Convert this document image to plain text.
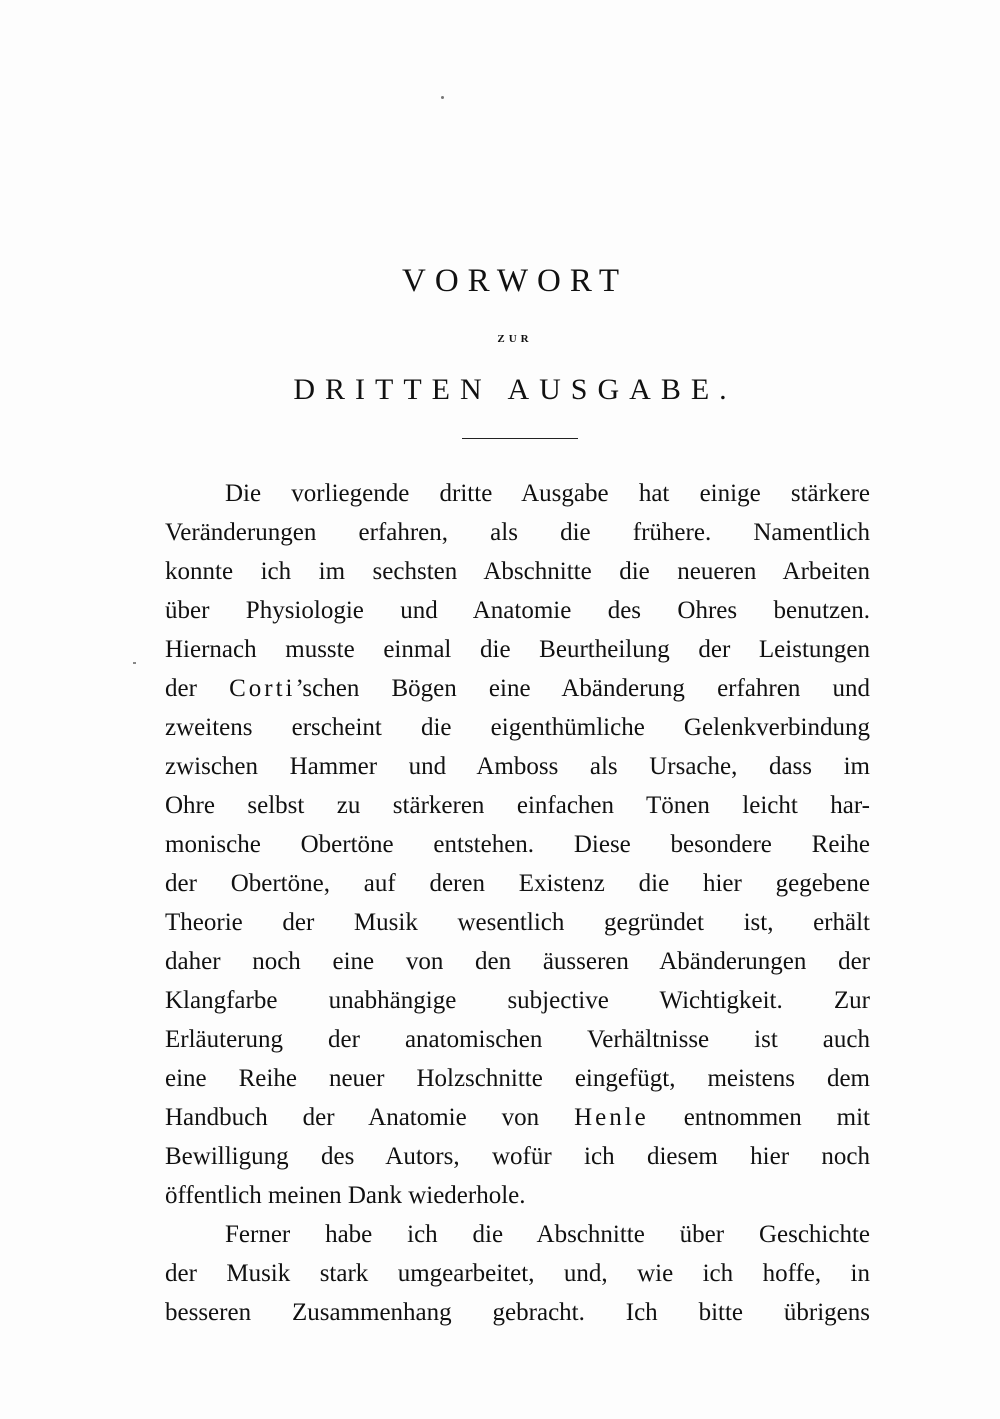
VORWORT
ZUR
DRITTEN AUSGABE.
Die vorliegende dritte Ausgabe hat einige stärkere
Veränderungen erfahren, als die frühere. Namentlich
konnte ich im sechsten Abschnitte die neueren Arbeiten
über Physiologie und Anatomie des Ohres benutzen.
Hiernach musste einmal die Beurtheilung der Leistungen
der Corti’schen Bögen eine Abänderung erfahren und
zweitens erscheint die eigenthümliche Gelenkverbindung
zwischen Hammer und Amboss als Ursache, dass im
Ohre selbst zu stärkeren einfachen Tönen leicht har-
monische Obertöne entstehen. Diese besondere Reihe
der Obertöne, auf deren Existenz die hier gegebene
Theorie der Musik wesentlich gegründet ist, erhält
daher noch eine von den äusseren Abänderungen der
Klangfarbe unabhängige subjective Wichtigkeit. Zur
Erläuterung der anatomischen Verhältnisse ist auch
eine Reihe neuer Holzschnitte eingefügt, meistens dem
Handbuch der Anatomie von Henle entnommen mit
Bewilligung des Autors, wofür ich diesem hier noch
öffentlich meinen Dank wiederhole.
Ferner habe ich die Abschnitte über Geschichte
der Musik stark umgearbeitet, und, wie ich hoffe, in
besseren Zusammenhang gebracht. Ich bitte übrigens
